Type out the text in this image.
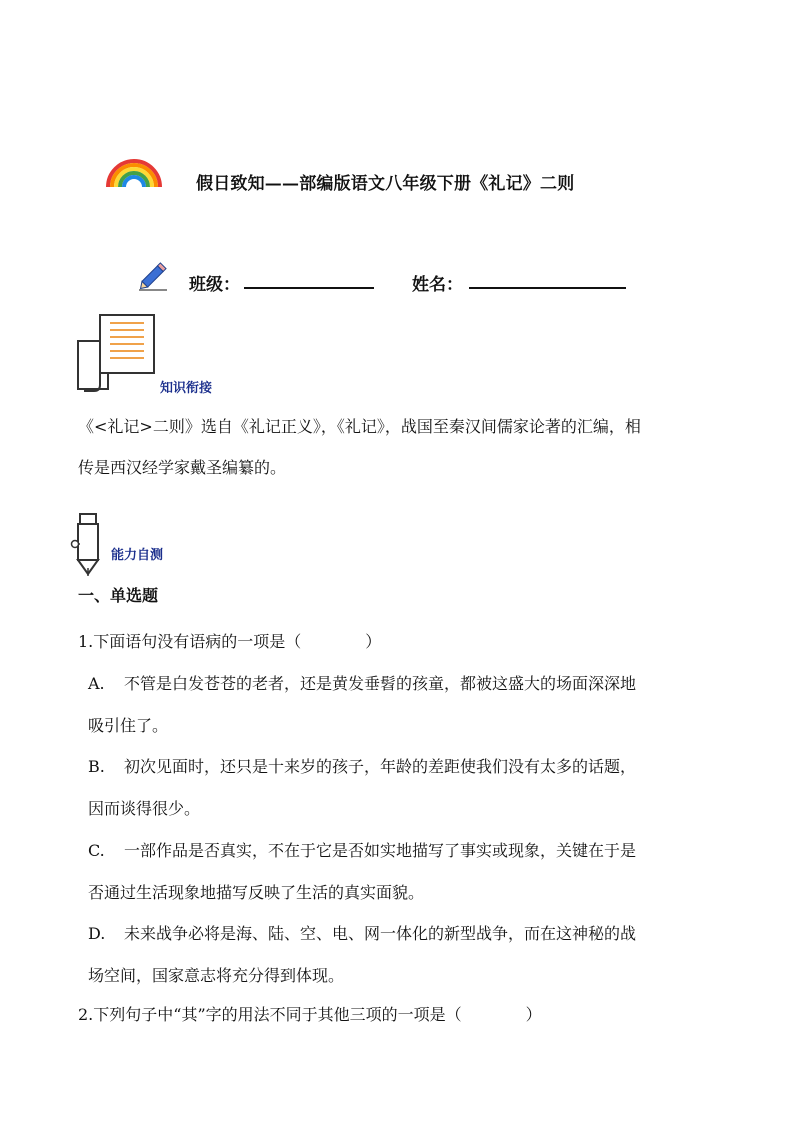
假日致知——部编版语文八年级下册《礼记》二则
班级：	姓名：
知识衔接
《<礼记>二则》选自《礼记正义》，《礼记》，战国至秦汉间儒家论著的汇编，相
传是西汉经学家戴圣编纂的。
能力自测
一、单选题
1.下面语句没有语病的一项是（　　　　）
A. 不管是白发苍苍的老者，还是黄发垂髫的孩童，都被这盛大的场面深深地
吸引住了。
B. 初次见面时，还只是十来岁的孩子，年龄的差距使我们没有太多的话题，
因而谈得很少。
C. 一部作品是否真实，不在于它是否如实地描写了事实或现象，关键在于是
否通过生活现象地描写反映了生活的真实面貌。
D. 未来战争必将是海、陆、空、电、网一体化的新型战争，而在这神秘的战
场空间，国家意志将充分得到体现。
2.下列句子中“其”字的用法不同于其他三项的一项是（　　　　）
